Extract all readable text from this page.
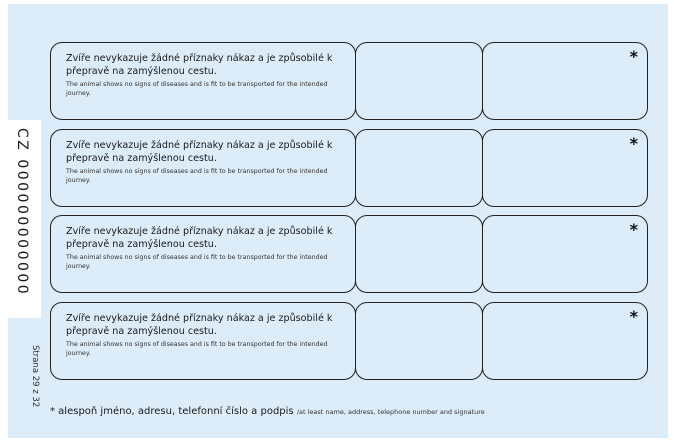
CZ 000000000000
Strana 29 z 32
Zvíře nevykazuje žádné příznaky nákaz a je způsobilé k přepravě na zamýšlenou cestu.
The animal shows no signs of diseases and is fit to be transported for the intended journey.
*
Zvíře nevykazuje žádné příznaky nákaz a je způsobilé k přepravě na zamýšlenou cestu.
The animal shows no signs of diseases and is fit to be transported for the intended journey.
*
Zvíře nevykazuje žádné příznaky nákaz a je způsobilé k přepravě na zamýšlenou cestu.
The animal shows no signs of diseases and is fit to be transported for the intended journey.
*
Zvíře nevykazuje žádné příznaky nákaz a je způsobilé k přepravě na zamýšlenou cestu.
The animal shows no signs of diseases and is fit to be transported for the intended journey.
*
* alespoň jméno, adresu, telefonní číslo a podpis /at least name, address, telephone number and signature
